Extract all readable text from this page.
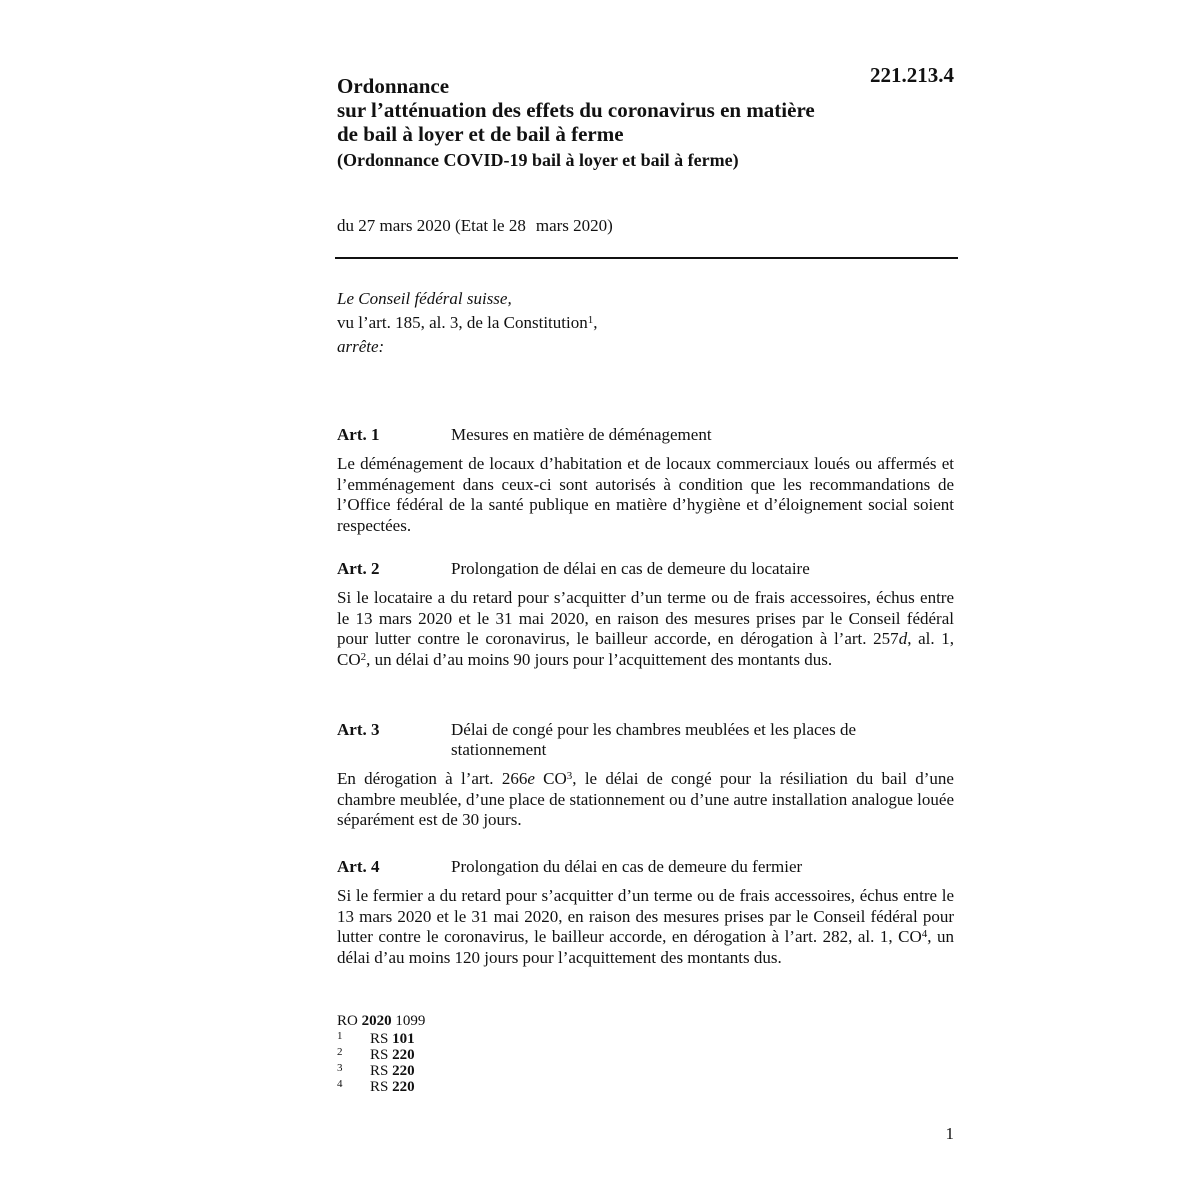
221.213.4
Ordonnance
sur l’atténuation des effets du coronavirus en matière
de bail à loyer et de bail à ferme
(Ordonnance COVID-19 bail à loyer et bail à ferme)
du 27 mars 2020 (Etat le 28 mars 2020)
Le Conseil fédéral suisse,
vu l’art. 185, al. 3, de la Constitution$^1$,
arrête:
Art. 1	Mesures en matière de déménagement
Le déménagement de locaux d’habitation et de locaux commerciaux loués ou affermés et l’emménagement dans ceux-ci sont autorisés à condition que les recommandations de l’Office fédéral de la santé publique en matière d’hygiène et d’éloignement social soient respectées.
Art. 2	Prolongation de délai en cas de demeure du locataire
Si le locataire a du retard pour s’acquitter d’un terme ou de frais accessoires, échus entre le 13 mars 2020 et le 31 mai 2020, en raison des mesures prises par le Conseil fédéral pour lutter contre le coronavirus, le bailleur accorde, en dérogation à l’art. 257d, al. 1, CO$^2$, un délai d’au moins 90 jours pour l’acquittement des montants dus.
Art. 3	Délai de congé pour les chambres meublées et les places de stationnement
En dérogation à l’art. 266e CO$^3$, le délai de congé pour la résiliation du bail d’une chambre meublée, d’une place de stationnement ou d’une autre installation analogue louée séparément est de 30 jours.
Art. 4	Prolongation du délai en cas de demeure du fermier
Si le fermier a du retard pour s’acquitter d’un terme ou de frais accessoires, échus entre le 13 mars 2020 et le 31 mai 2020, en raison des mesures prises par le Conseil fédéral pour lutter contre le coronavirus, le bailleur accorde, en dérogation à l’art. 282, al. 1, CO$^4$, un délai d’au moins 120 jours pour l’acquittement des montants dus.
RO 2020 1099
1 RS 101
2 RS 220
3 RS 220
4 RS 220
1
